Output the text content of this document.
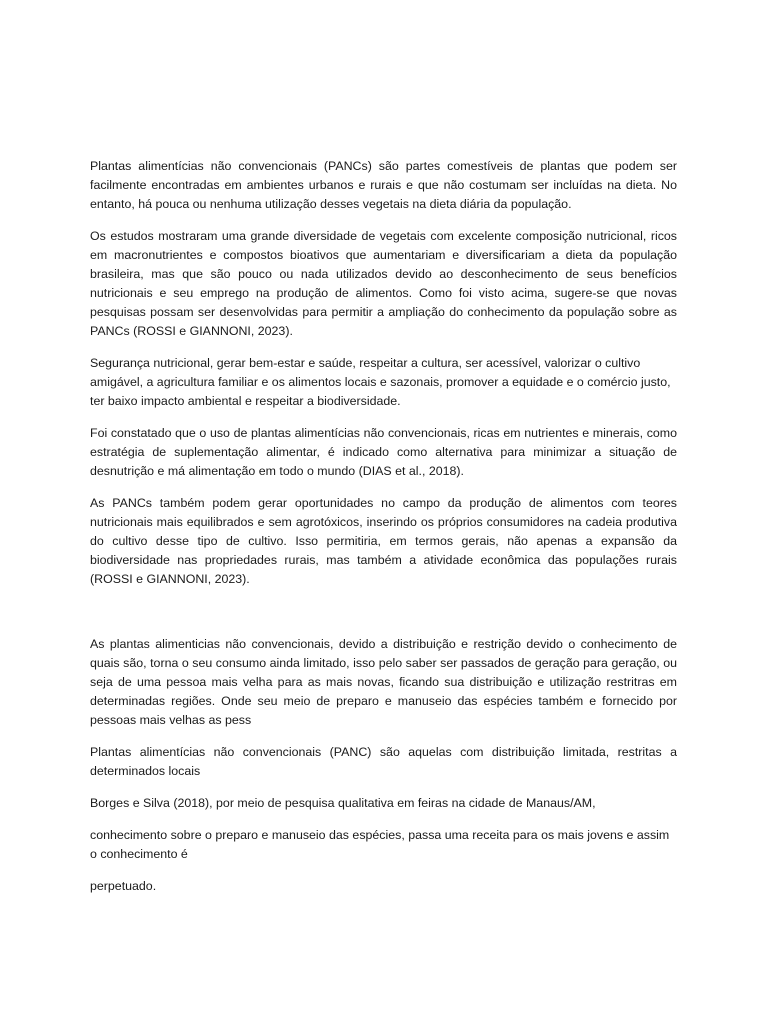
Plantas alimentícias não convencionais (PANCs) são partes comestíveis de plantas que podem ser facilmente encontradas em ambientes urbanos e rurais e que não costumam ser incluídas na dieta. No entanto, há pouca ou nenhuma utilização desses vegetais na dieta diária da população.

Os estudos mostraram uma grande diversidade de vegetais com excelente composição nutricional, ricos em macronutrientes e compostos bioativos que aumentariam e diversificariam a dieta da população brasileira, mas que são pouco ou nada utilizados devido ao desconhecimento de seus benefícios nutricionais e seu emprego na produção de alimentos. Como foi visto acima, sugere-se que novas pesquisas possam ser desenvolvidas para permitir a ampliação do conhecimento da população sobre as PANCs (ROSSI e GIANNONI, 2023).

Segurança nutricional, gerar bem-estar e saúde, respeitar a cultura, ser acessível, valorizar o cultivo amigável, a agricultura familiar e os alimentos locais e sazonais, promover a equidade e o comércio justo, ter baixo impacto ambiental e respeitar a biodiversidade.

Foi constatado que o uso de plantas alimentícias não convencionais, ricas em nutrientes e minerais, como estratégia de suplementação alimentar, é indicado como alternativa para minimizar a situação de desnutrição e má alimentação em todo o mundo (DIAS et al., 2018).

As PANCs também podem gerar oportunidades no campo da produção de alimentos com teores nutricionais mais equilibrados e sem agrotóxicos, inserindo os próprios consumidores na cadeia produtiva do cultivo desse tipo de cultivo. Isso permitiria, em termos gerais, não apenas a expansão da biodiversidade nas propriedades rurais, mas também a atividade econômica das populações rurais (ROSSI e GIANNONI, 2023).

As plantas alimenticias não convencionais, devido a distribuição e restrição devido o conhecimento de quais são, torna o seu consumo ainda limitado, isso pelo saber ser passados de geração para geração, ou seja de uma pessoa mais velha para as mais novas, ficando sua distribuição e utilização restritras em determinadas regiões. Onde seu meio de preparo e manuseio das espécies também e fornecido por pessoas mais velhas as pess

Plantas alimentícias não convencionais (PANC) são aquelas com distribuição limitada, restritas a determinados locais

Borges e Silva (2018), por meio de pesquisa qualitativa em feiras na cidade de Manaus/AM,

conhecimento sobre o preparo e manuseio das espécies, passa uma receita para os mais jovens e assim o conhecimento é

perpetuado.
